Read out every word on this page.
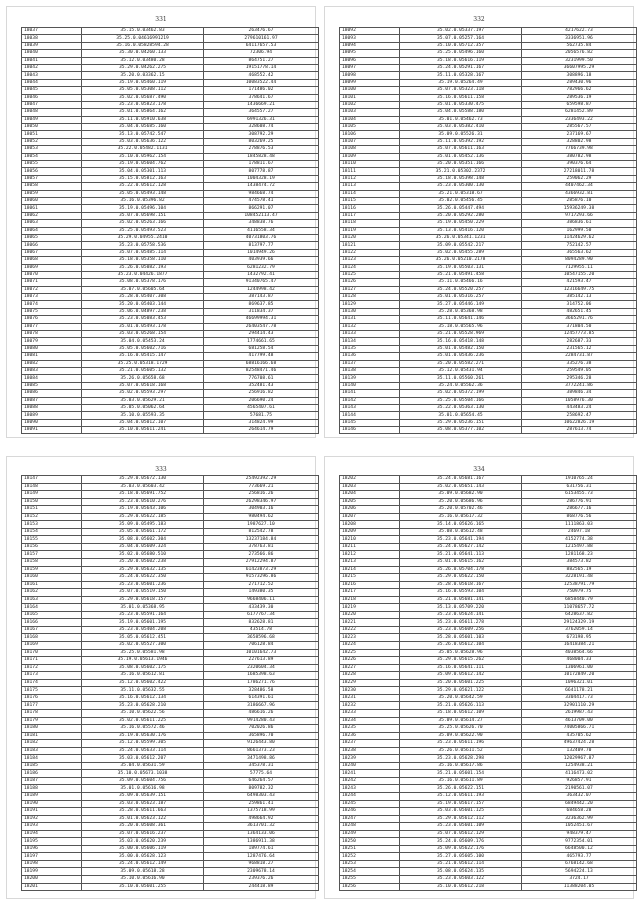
331
18037	35.15.0.03462.83	263476.67
18038	35.25.0.04616991219	279610161.97
18039	35.16.0.05828594.28	64117657.53
18040	35.30.0.04260.133	72306.94
18041	35.12.0.03480.28	864751.27
18042	35.29.0.04262.275	19151778.14
18043	35.20.0.03362.15	468552.42
18044	35.19.0.05460.119	10083522.44
18045	35.05.0.05308.112	171486.02
18046	35.02.0.05687.490	378641.67
18047	35.23.0.05823.178	1436669.21
18048	35.01.0.05864.162	364557.27
18049	35.11.0.05910.638	6991326.31
18050	35.04.0.05685.160	328608.74
18051	35.13.0.05742.547	308792.29
18052	35.03.0.05636.122	803269.25
18053	35.22.0.05482.1131	278876.53
18054	35.10.0.05962.154	1845828.48
18055	35.19.0.05604.762	178811.67
18056	35.04.0.05301.113	807778.87
18057	35.15.0.05812.163	1004328.19
18058	35.22.0.05612.128	1438474.72
18059	35.05.0.05493.148	984668.74
18060	35.16.0.05396.82	474578.41
18061	35.19.0.05496.104	866291.07
18062	35.07.0.05698.151	108452113.47
18063	35.02.0.05263.166	348838.76
18064	35.25.0.05493.523	4116558.34
18065	35.29.0.04955.2410	40731803.76
18066	35.23.0.05758.536	813797.77
18067	35.07.0.05485.114	1014949.26
18068	35.18.0.05358.110	403939.66
18069	35.26.0.05082.193	6281232.79
18070	35.23.0.04426.1877	1432792.41
18071	35.08.0.05378.176	91340765.47
18072	35.07.0.05605.64	1244998.42
18073	35.28.0.05407.308	387143.87
18074	35.20.0.05403.144	869637.85
18075	35.06.0.04897.238	311834.37
18076	35.23.0.05083.453	46699994.31
18077	35.01.0.05493.178	26403547.78
18078	35.03.0.05268.154	294414.43
18079	35.04.0.05453.24	1774661.65
18080	35.05.0.05602.716	681258.54
18081	35.16.0.05415.147	417799.48
18082	35.25.0.05318.1729	68816166.68
18083	35.21.0.05605.132	82548471.46
18084	35.26.0.05658.68	776708.61
18085	35.07.0.05618.168	352481.43
18086	35.02.0.05593.297	256916.82
18087	35.03.0.05629.21	206690.24
18088	35.05.0.05062.64	4565407.61
18089	35.10.0.05593.35	57681.75
18090	35.04.0.05012.107	314824.99
18091	35.10.0.05611.241	264614.79
332
18092	35.02.0.05337.197	4217622.73
18093	35.07.0.05257.164	3336951.96
18094	35.10.0.05712.357	562735.84
18095	35.25.0.05496.160	2056576.82
18096	35.18.0.05616.119	3231999.50
18097	35.24.0.05291.167	36607995.29
18098	35.11.0.05328.167	308896.18
18099	35.19.0.05264.49	289430.96
18100	35.07.0.05323.118	782966.62
18101	35.16.0.05611.158	289536.19
18102	35.01.0.05330.475	659598.87
18103	35.04.0.05588.180	6281452.89
18104	35.01.0.05462.73	2336493.22
18105	35.03.0.05382.410	285567.57
18106	35.09.0.05526.31	237169.67
18107	35.11.0.05392.192	328802.98
18108	35.07.0.05611.163	7766739.98
18109	35.01.0.05452.136	380782.98
18110	35.20.0.05351.166	390376.64
18111	35.21.0.05302.2372	27218011.78
18112	35.18.0.05398.148	259062.29
18113	35.23.0.05300.130	4407462.34
18114	35.21.0.05318.67	4366932.81
18115	35.02.0.05456.45	285876.10
18116	35.26.0.05447.494	15936249.38
18117	35.20.0.05292.280	9717293.66
18118	35.19.0.05450.229	386836.61
18119	35.13.0.05416.120	162999.50
18120	35.26.0.05341.1231	11424629.62
18121	35.09.0.05542.217	752142.57
18122	35.02.0.05455.289	365563.62
18123	35.26.0.05210.2178	8094289.90
18124	35.19.0.05503.131	7129955.11
18125	35.21.0.05491.458	10547155.20
18126	35.11.0.05466.16	421593.47
18127	35.24.0.05520.257	12316649.75
18128	35.01.0.05316.257	385142.13
18129	35.27.0.05446.149	314752.06
18130	35.28.0.05368.98	482651.45
18131	35.11.0.05641.146	3665291.76
18132	35.18.0.05565.96	371804.50
18133	35.21.0.05528.969	12457773.85
18134	35.16.0.05418.148	282687.33
18135	35.01.0.05482.150	231565.12
18136	35.01.0.05436.236	2284731.87
18137	35.20.0.05582.271	335276.38
18138	35.12.0.05431.94	259549.05
18139	35.11.0.05560.261	295346.28
18140	35.24.0.05562.36	3772241.86
18141	35.02.0.05372.199	389846.34
18142	35.25.0.05504.166	1058976.30
18143	35.22.0.05363.130	443483.24
18144	35.01.0.05654.45	258692.47
18145	35.29.0.05236.151	10622826.19
18146	35.08.0.05377.102	287613.74
333
18147	35.29.0.05672.130	25492392.29
18148	35.03.0.05603.42	773669.21
18149	35.18.0.05691.752	256816.26
18150	35.23.0.05610.276	26298346.97
18151	35.19.0.05643.106	304903.16
18152	35.29.0.05622.185	980494.62
18153	35.09.0.05495.183	1987627.10
18154	35.05.0.05661.172	812542.78
18155	35.08.0.05602.304	13237184.84
18156	35.04.0.05609.324	378763.81
18157	35.02.0.05680.510	273566.86
18158	35.20.0.05602.238	27912294.87
18159	35.29.0.05632.135	61423873.29
18160	35.24.0.05622.350	91573296.86
18161	35.23.0.05601.236	271712.52
18162	35.07.0.05519.150	149380.35
18163	35.29.0.05618.157	9668406.11
18164	35.01.0.05368.95	433439.30
18165	35.23.0.05591.164	6177767.34
18166	35.19.0.05601.195	832628.81
18167	35.23.0.05404.208	43514.78
18168	35.05.0.05612.451	3658596.68
18169	35.02.0.05527.300	706128.84
18170	35.25.0.05581.98	10101642.73
18171	35.19.0.05613.1946	227613.89
18172	35.08.0.05602.175	2320604.34
18173	35.16.0.05612.81	1685398.63
18174	35.12.0.05602.422	1786271.76
18175	35.11.0.05632.55	328486.58
18176	35.16.0.05612.134	614391.61
18177	35.23.0.05628.210	3186667.96
18178	35.10.0.05622.56	486616.26
18179	35.02.0.05611.225	9914280.43
18180	35.16.0.05572.46	702026.86
18181	35.19.0.05630.176	365896.70
18182	35.12.0.05599.305	9126443.80
18183	35.24.0.05633.114	8661373.23
18184	35.03.0.05612.207	3471498.86
18185	35.04.0.05631.59	345378.31
18186	35.10.0.05673.1038	57775.64
18187	35.09.0.05604.756	646264.57
18188	35.01.0.05616.98	809782.32
18189	35.09.0.05639.151	6498303.43
18190	35.03.0.05623.187	259861.41
18191	35.28.0.05611.663	1375718.99
18192	35.01.0.05623.122	498664.92
18193	35.20.0.05608.361	3613701.32
18194	35.07.0.05616.237	1364133.06
18195	35.03.0.05620.239	1386911.38
18196	35.00.0.05606.119	189774.61
18197	35.00.0.05628.123	1287476.64
18198	35.24.0.05612.149	968818.27
18199	35.09.0.05618.28	2309678.14
18200	35.10.0.05616.90	239376.26
18201	35.10.0.05601.255	244418.89
334
18202	35.24.0.05681.167	1910765.24
18203	35.02.0.05651.143	631756.31
18204	35.09.0.05682.90	6153455.73
18205	35.20.0.05686.96	286776.91
18206	35.20.0.05702.46	286677.16
18207	35.16.0.05617.32	868776.56
18208	35.14.0.05626.165	1111863.03
18209	35.08.0.05612.48	24697.18
18210	35.23.0.05641.194	4152774.38
18211	35.24.0.05627.142	1215497.88
18212	35.21.0.05641.113	1281168.23
18213	35.01.0.05615.162	384573.82
18214	35.26.0.05704.178	882565.19
18215	35.29.0.05622.150	3228191.48
18216	35.28.0.05618.167	12538791.79
18217	35.16.0.05593.104	750979.75
18218	35.21.0.05681.141	6858440.79
18219	35.13.0.05709.220	11078657.72
18220	35.23.0.05624.141	6428637.82
18221	35.23.0.05611.278	29124329.19
18222	35.23.0.05609.256	3762059.14
18223	35.28.0.05601.103	673198.95
18224	35.26.0.05612.104	16418384.21
18225	35.05.0.05628.96	4038564.66
18226	35.29.0.05615.262	468004.33
18227	35.16.0.05641.111	1306961.00
18228	35.09.0.05612.142	10172849.20
18229	35.20.0.05601.225	1096321.01
18230	35.29.0.05621.122	6641178.21
18231	35.20.0.05642.59	3304417.73
18232	35.21.0.05626.113	32901110.29
18233	35.18.0.05612.109	2619987.43
18234	35.09.0.05614.27	4613709.00
18235	35.25.0.05626.70	74005866.71
18236	35.09.0.05622.90	435705.62
18237	35.23.0.05611.196	49637424.28
18238	35.26.0.05611.52	132409.70
18239	35.23.0.05628.298	12029967.87
18240	35.16.0.05617.86	1254938.21
18241	35.21.0.05601.154	4116473.02
18242	35.16.0.05611.89	926857.91
18243	35.26.0.05622.151	2190561.07
18244	35.12.0.05611.193	363432.07
18245	35.19.0.05617.157	6849442.20
18246	35.03.0.05601.125	684658.28
18247	35.29.0.05612.112	3236362.99
18248	35.23.0.05601.109	1052451.67
18249	35.07.0.05612.129	948379.47
18250	35.24.0.05609.176	9772354.01
18251	35.09.0.05622.176	6648500.12
18252	35.27.0.05605.100	465793.77
18253	35.21.0.05612.114	6768142.68
18254	35.08.0.05624.135	5694224.13
18255	35.23.0.05603.122	3724.17
18256	35.10.0.05612.218	11388204.05
